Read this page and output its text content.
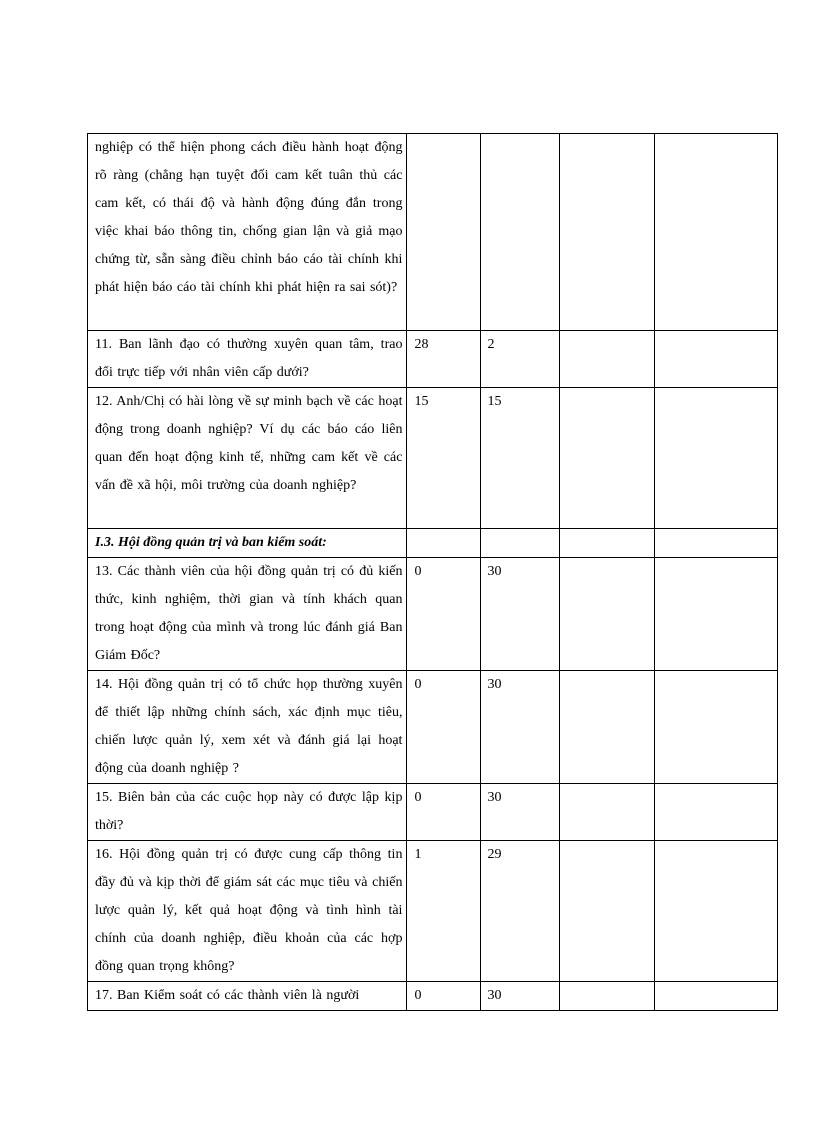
nghiệp có thể hiện phong cách điều hành hoạt động rõ ràng (chẳng hạn tuyệt đối cam kết tuân thủ các cam kết, có thái độ và hành động đúng đắn trong việc khai báo thông tin, chống gian lận và giả mạo chứng từ, sẵn sàng điều chỉnh báo cáo tài chính khi phát hiện báo cáo tài chính khi phát hiện ra sai sót)?				

11. Ban lãnh đạo có thường xuyên quan tâm, trao đổi trực tiếp với nhân viên cấp dưới?	28	2		

12. Anh/Chị có hài lòng về sự minh bạch về các hoạt động trong doanh nghiệp? Ví dụ các báo cáo liên quan đến hoạt động kinh tế, những cam kết về các vấn đề xã hội, môi trường của doanh nghiệp?	15	15		
I.3. Hội đồng quản trị và ban kiểm soát:				

13. Các thành viên của hội đồng quản trị có đủ kiến thức, kinh nghiệm, thời gian và tính khách quan trong hoạt động của mình và trong lúc đánh giá Ban Giám Đốc?	0	30		

14. Hội đồng quản trị có tổ chức họp thường xuyên để thiết lập những chính sách, xác định mục tiêu, chiến lược quản lý, xem xét và đánh giá lại hoạt động của doanh nghiệp ?	0	30		

15. Biên bản của các cuộc họp này có được lập kịp thời?	0	30		

16. Hội đồng quản trị có được cung cấp thông tin đầy đủ và kịp thời để giám sát các mục tiêu và chiến lược quản lý, kết quả hoạt động và tình hình tài chính của doanh nghiệp, điều khoản của các hợp đồng quan trọng không?	1	29		

17. Ban Kiểm soát có các thành viên là người	0	30		
